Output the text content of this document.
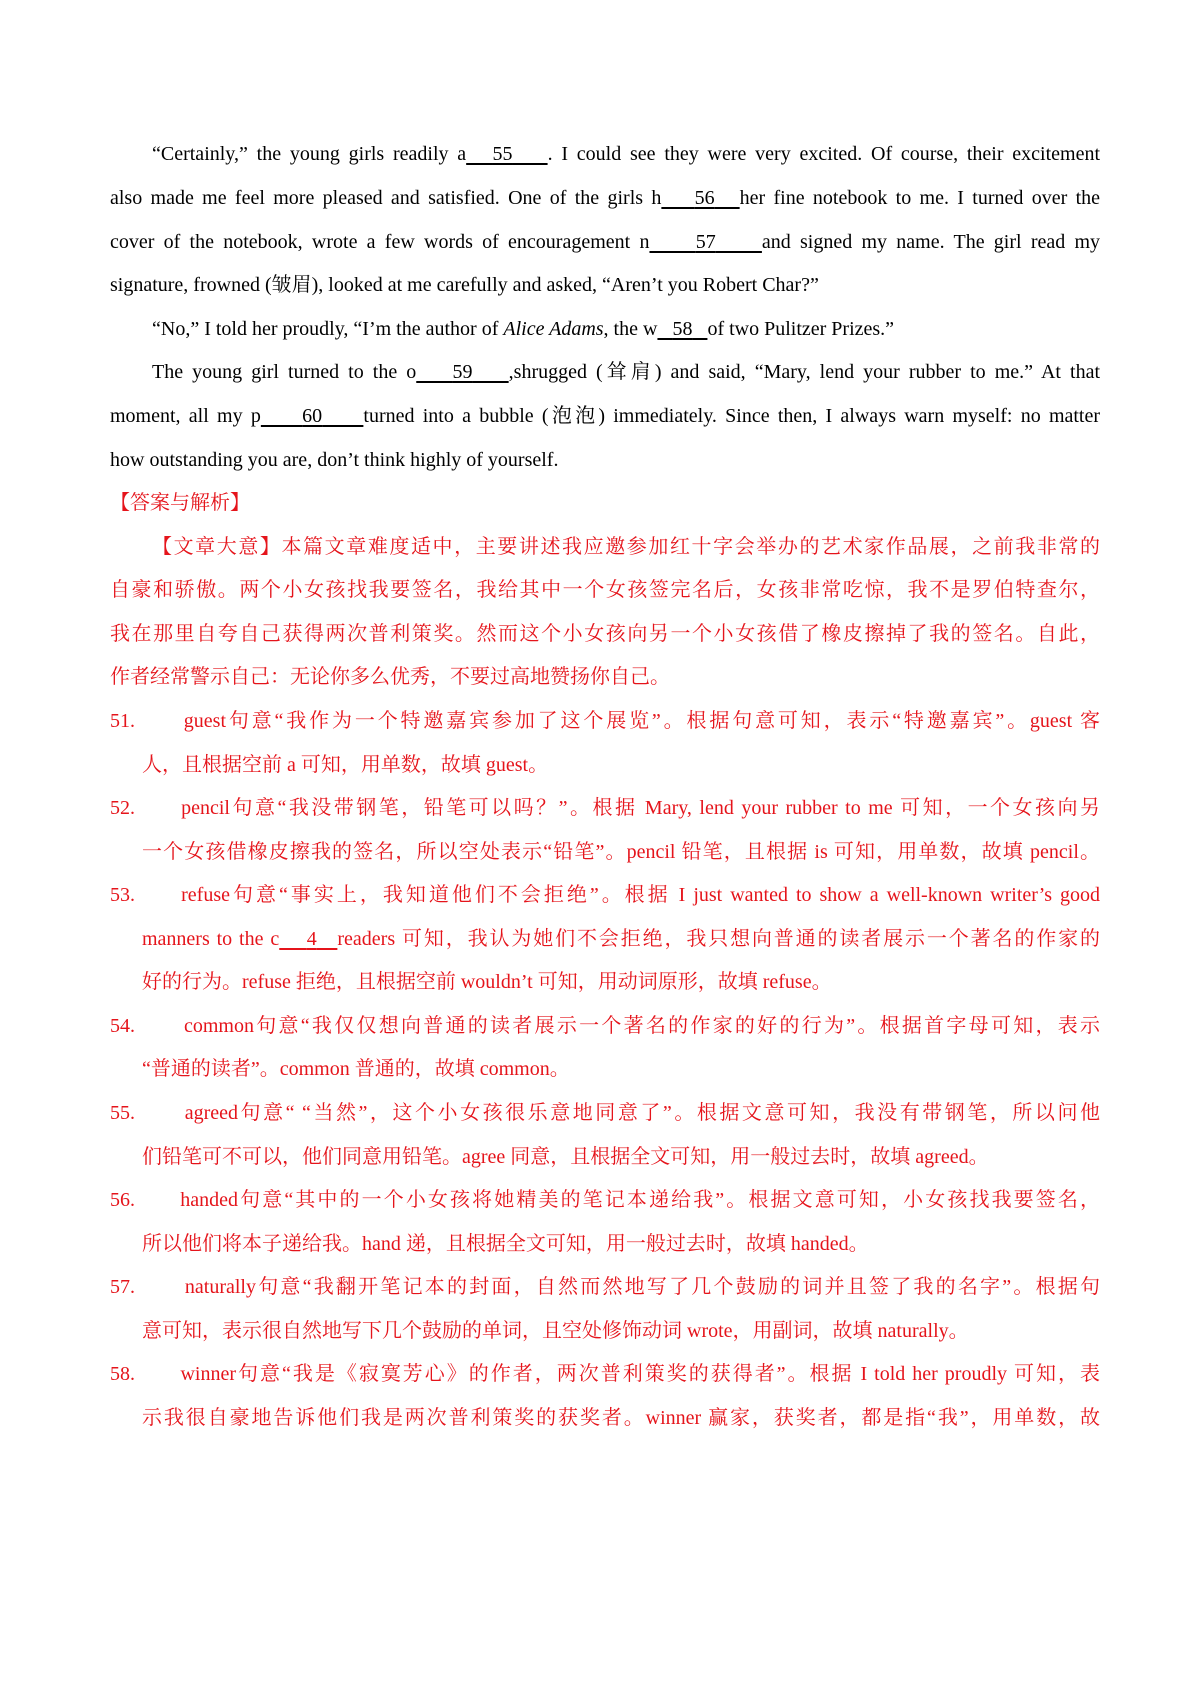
“Certainly,” the young girls readily a 55 . I could see they were very excited. Of course, their excitement
also made me feel more pleased and satisfied. One of the girls h 56 her fine notebook to me. I turned over the
cover of the notebook, wrote a few words of encouragement n 57 and signed my name. The girl read my
signature, frowned (皱眉), looked at me carefully and asked, “Aren’t you Robert Char?”
“No,” I told her proudly, “I’m the author of Alice Adams, the w 58 of two Pulitzer Prizes.”
The young girl turned to the o 59 ,shrugged (耸肩) and said, “Mary, lend your rubber to me.” At that
moment, all my p 60 turned into a bubble (泡泡) immediately. Since then, I always warn myself: no matter
how outstanding you are, don’t think highly of yourself.
【答案与解析】
【文章大意】本篇文章难度适中，主要讲述我应邀参加红十字会举办的艺术家作品展，之前我非常的
自豪和骄傲。两个小女孩找我要签名，我给其中一个女孩签完名后，女孩非常吃惊，我不是罗伯特查尔，
我在那里自夸自己获得两次普利策奖。然而这个小女孩向另一个小女孩借了橡皮擦掉了我的签名。自此，
作者经常警示自己：无论你多么优秀，不要过高地赞扬你自己。
51. guest句意“我作为一个特邀嘉宾参加了这个展览”。根据句意可知，表示“特邀嘉宾”。guest 客
人，且根据空前 a 可知，用单数，故填 guest。
52. pencil句意“我没带钢笔，铅笔可以吗？”。根据 Mary, lend your rubber to me 可知，一个女孩向另
一个女孩借橡皮擦我的签名，所以空处表示“铅笔”。pencil 铅笔，且根据 is 可知，用单数，故填 pencil。
53. refuse句意“事实上，我知道他们不会拒绝”。根据 I just wanted to show a well-known writer’s good
manners to the c 4 readers 可知，我认为她们不会拒绝，我只想向普通的读者展示一个著名的作家的
好的行为。refuse 拒绝，且根据空前 wouldn’t 可知，用动词原形，故填 refuse。
54. common句意“我仅仅想向普通的读者展示一个著名的作家的好的行为”。根据首字母可知，表示
“普通的读者”。common 普通的，故填 common。
55. agreed句意“ “当然”，这个小女孩很乐意地同意了”。根据文意可知，我没有带钢笔，所以问他
们铅笔可不可以，他们同意用铅笔。agree 同意，且根据全文可知，用一般过去时，故填 agreed。
56. handed句意“其中的一个小女孩将她精美的笔记本递给我”。根据文意可知，小女孩找我要签名，
所以他们将本子递给我。hand 递，且根据全文可知，用一般过去时，故填 handed。
57. naturally句意“我翻开笔记本的封面，自然而然地写了几个鼓励的词并且签了我的名字”。根据句
意可知，表示很自然地写下几个鼓励的单词，且空处修饰动词 wrote，用副词，故填 naturally。
58. winner句意“我是《寂寞芳心》的作者，两次普利策奖的获得者”。根据 I told her proudly 可知，表
示我很自豪地告诉他们我是两次普利策奖的获奖者。winner 赢家，获奖者，都是指“我”，用单数，故
